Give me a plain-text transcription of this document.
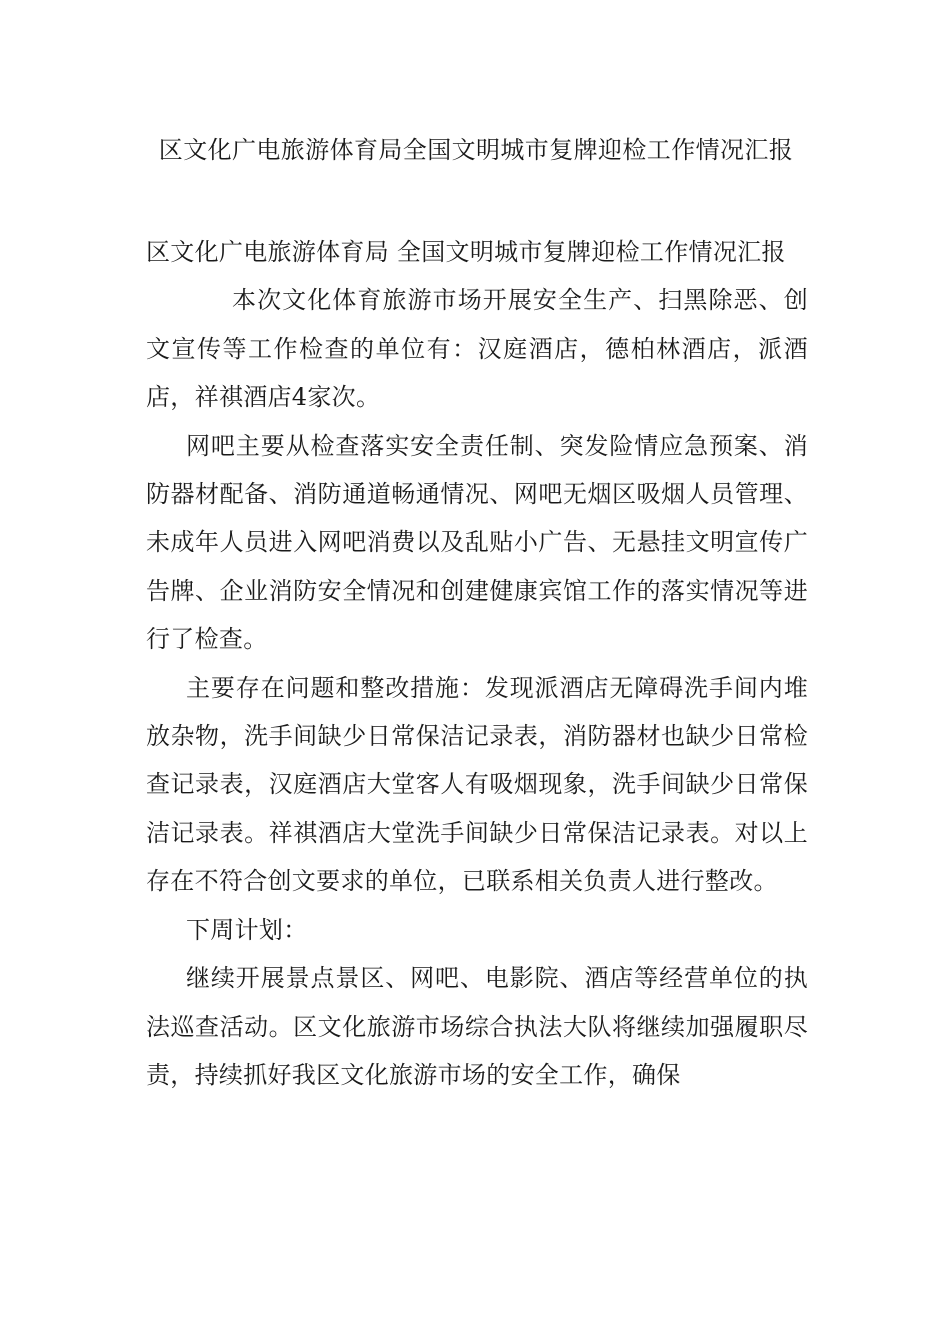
区文化广电旅游体育局全国文明城市复牌迎检工作情况汇报

区文化广电旅游体育局 全国文明城市复牌迎检工作情况汇报

本次文化体育旅游市场开展安全生产、扫黑除恶、创文宣传等工作检查的单位有：汉庭酒店，德柏林酒店，派酒店，祥祺酒店4家次。

网吧主要从检查落实安全责任制、突发险情应急预案、消防器材配备、消防通道畅通情况、网吧无烟区吸烟人员管理、未成年人员进入网吧消费以及乱贴小广告、无悬挂文明宣传广告牌、企业消防安全情况和创建健康宾馆工作的落实情况等进行了检查。

主要存在问题和整改措施：发现派酒店无障碍洗手间内堆放杂物，洗手间缺少日常保洁记录表，消防器材也缺少日常检查记录表，汉庭酒店大堂客人有吸烟现象，洗手间缺少日常保洁记录表。祥祺酒店大堂洗手间缺少日常保洁记录表。对以上存在不符合创文要求的单位，已联系相关负责人进行整改。

下周计划：

继续开展景点景区、网吧、电影院、酒店等经营单位的执法巡查活动。区文化旅游市场综合执法大队将继续加强履职尽责，持续抓好我区文化旅游市场的安全工作，确保
